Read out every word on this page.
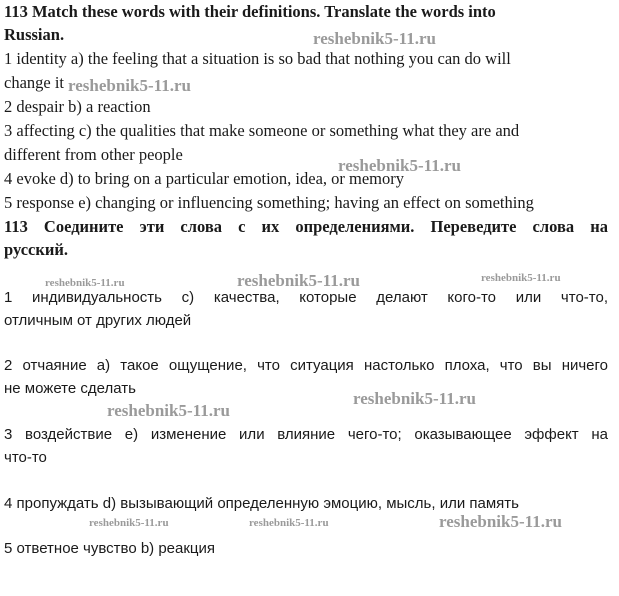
113 Match these words with their definitions. Translate the words into
Russian.
1 identity a) the feeling that a situation is so bad that nothing you can do will
change it
2 despair b) a reaction
3 affecting c) the qualities that make someone or something what they are and
different from other people
4 evoke d) to bring on a particular emotion, idea, or memory
5 response e) changing or influencing something; having an effect on something
113 Соедините эти слова с их определениями. Переведите слова на
русский.
1 индивидуальность c) качества, которые делают кого-то или что-то,
отличным от других людей
2 отчаяние a) такое ощущение, что ситуация настолько плоха, что вы ничего
не можете сделать
3 воздействие e) изменение или влияние чего-то; оказывающее эффект на
что-то
4 пропуждать d) вызывающий определенную эмоцию, мысль, или память
5 ответное чувство b) реакция
reshebnik5-11.ru
reshebnik5-11.ru
reshebnik5-11.ru
reshebnik5-11.ru	reshebnik5-11.ru	reshebnik5-11.ru
reshebnik5-11.ru
reshebnik5-11.ru
reshebnik5-11.ru	reshebnik5-11.ru	reshebnik5-11.ru
